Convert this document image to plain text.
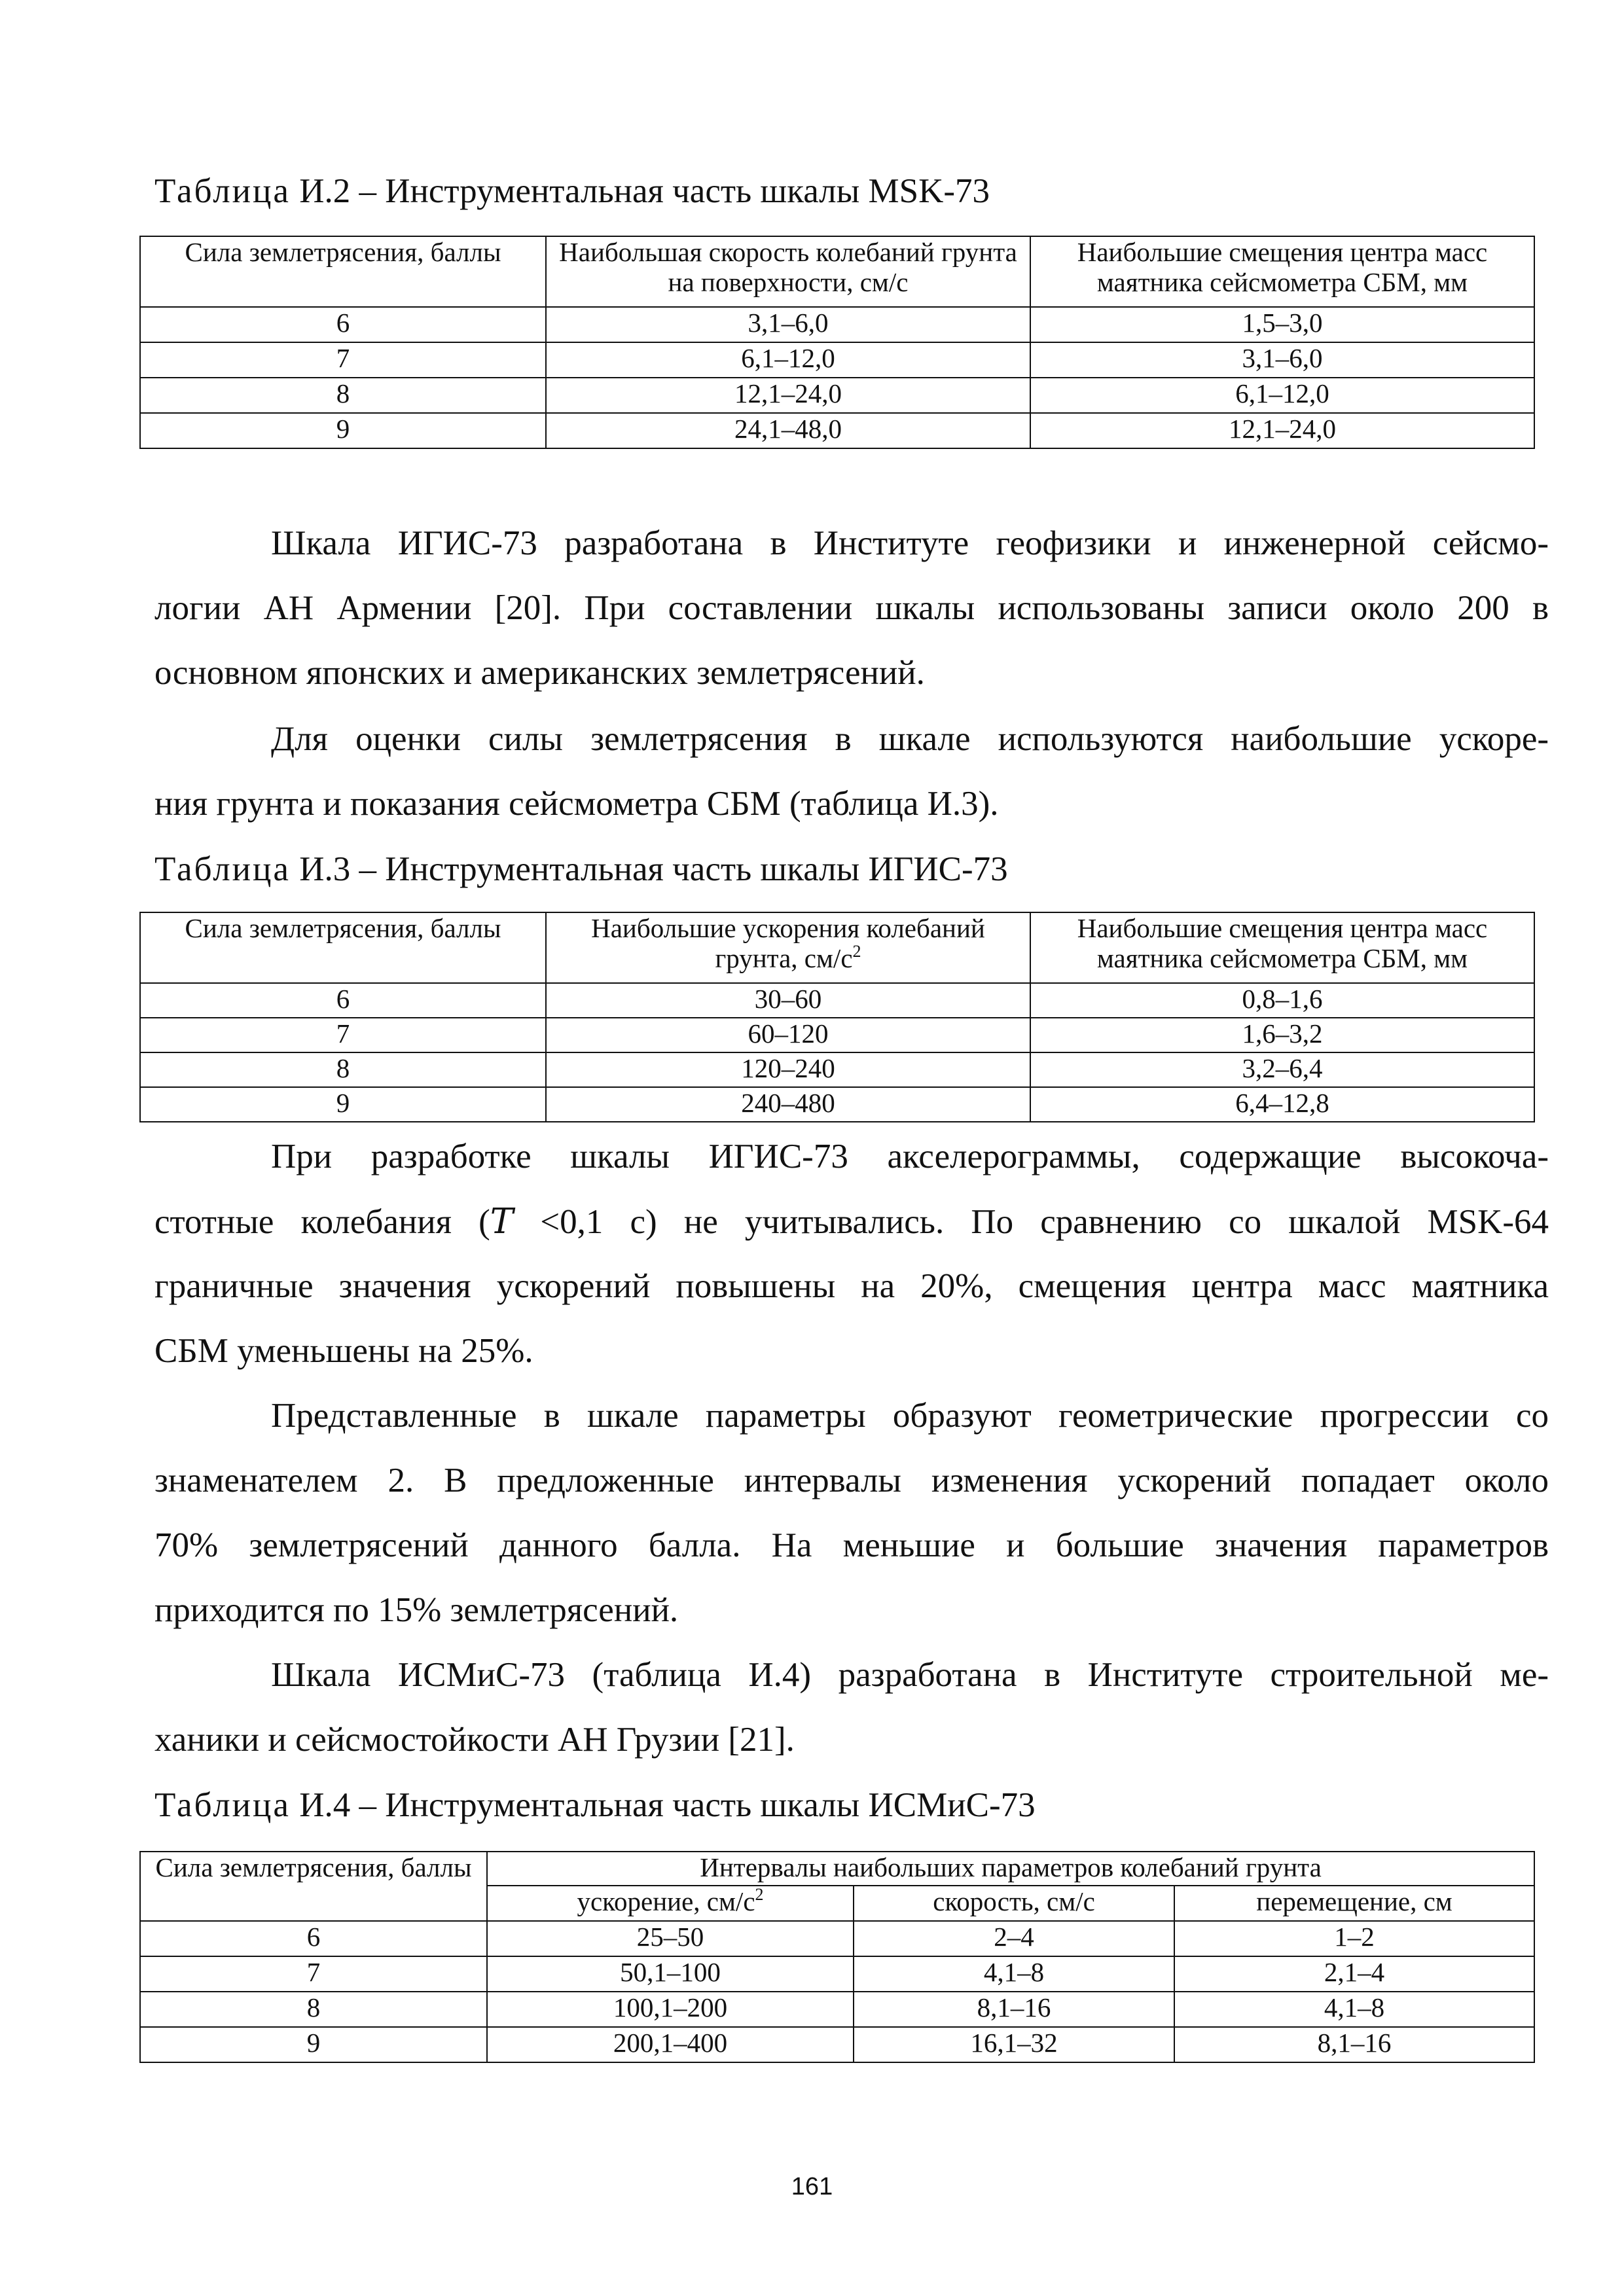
Таблица И.2 – Инструментальная часть шкалы MSK-73
Сила землетрясения, баллы	Наибольшая скорость колебаний грунта на поверхности, см/с	Наибольшие смещения центра масс маятника сейсмометра СБМ, мм
6	3,1–6,0	1,5–3,0
7	6,1–12,0	3,1–6,0
8	12,1–24,0	6,1–12,0
9	24,1–48,0	12,1–24,0
Шкала ИГИС-73 разработана в Институте геофизики и инженерной сейсмо-
логии АН Армении [20]. При составлении шкалы использованы записи около 200 в
основном японских и американских землетрясений.
Для оценки силы землетрясения в шкале используются наибольшие ускоре-
ния грунта и показания сейсмометра СБМ (таблица И.3).
Таблица И.3 – Инструментальная часть шкалы ИГИС-73
Сила землетрясения, баллы	Наибольшие ускорения колебаний грунта, $см/с^2$	Наибольшие смещения центра масс маятника сейсмометра СБМ, мм
6	30–60	0,8–1,6
7	60–120	1,6–3,2
8	120–240	3,2–6,4
9	240–480	6,4–12,8
При разработке шкалы ИГИС-73 акселерограммы, содержащие высокоча-
стотные колебания (T <0,1 с) не учитывались. По сравнению со шкалой MSK-64
граничные значения ускорений повышены на 20%, смещения центра масс маятника
СБМ уменьшены на 25%.
Представленные в шкале параметры образуют геометрические прогрессии со
знаменателем 2. В предложенные интервалы изменения ускорений попадает около
70% землетрясений данного балла. На меньшие и большие значения параметров
приходится по 15% землетрясений.
Шкала ИСМиС-73 (таблица И.4) разработана в Институте строительной ме-
ханики и сейсмостойкости АН Грузии [21].
Таблица И.4 – Инструментальная часть шкалы ИСМиС-73
Сила землетрясения, баллы	Интервалы наибольших параметров колебаний грунта		
	ускорение, $см/с^2$	скорость, см/с	перемещение, см
6	25–50	2–4	1–2
7	50,1–100	4,1–8	2,1–4
8	100,1–200	8,1–16	4,1–8
9	200,1–400	16,1–32	8,1–16
161
